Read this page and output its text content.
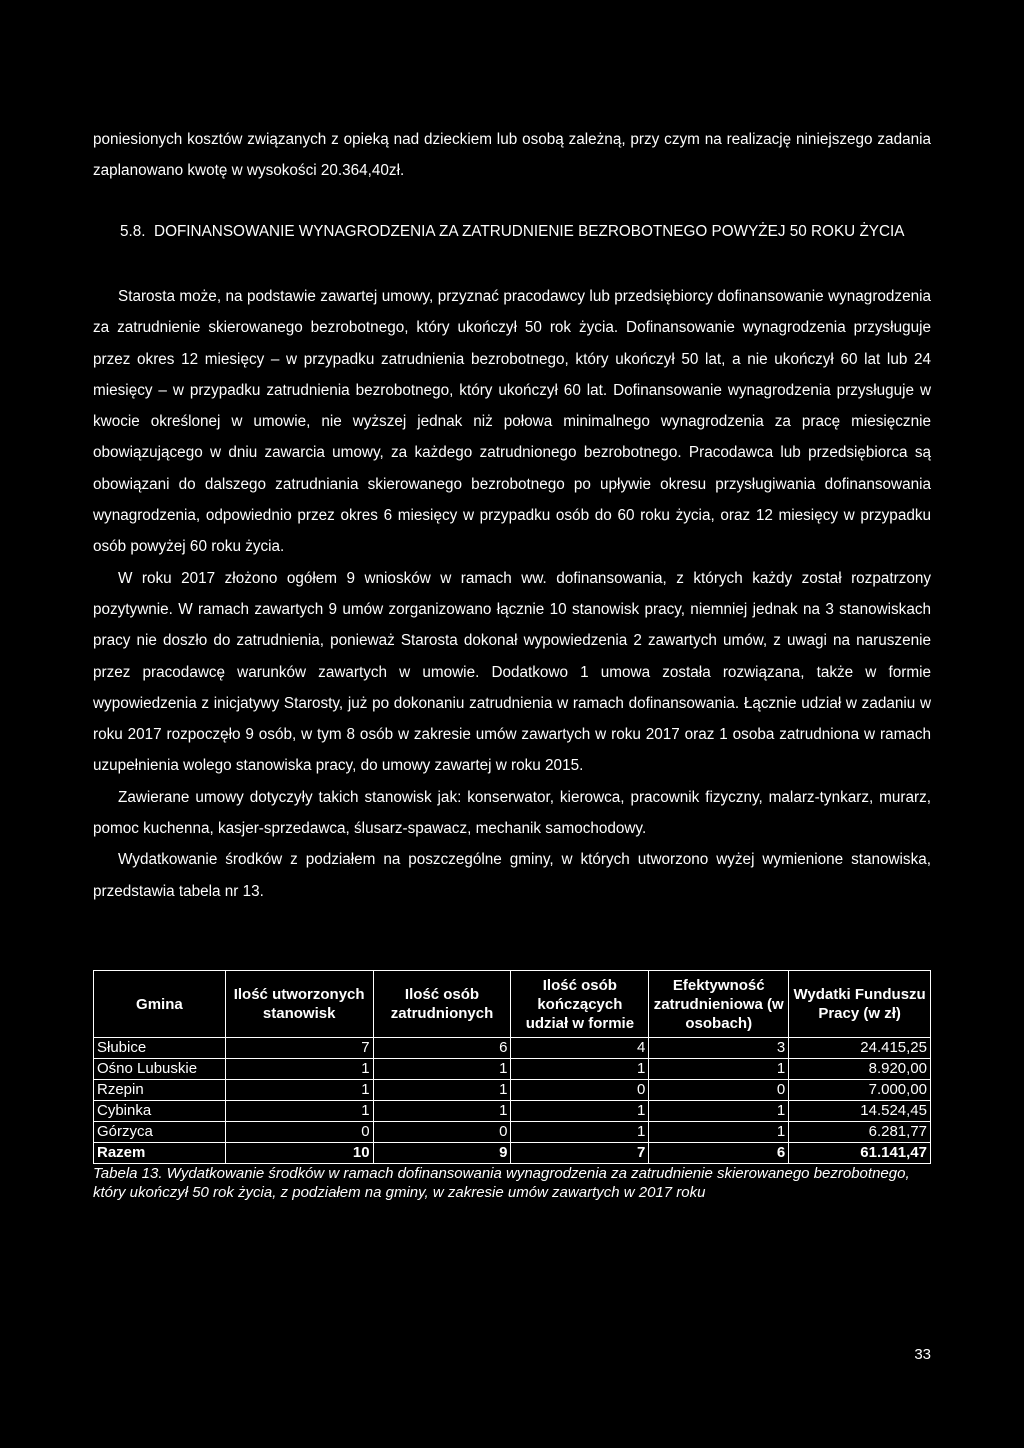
poniesionych kosztów związanych z opieką nad dzieckiem lub osobą zależną, przy czym na realizację niniejszego zadania zaplanowano kwotę w wysokości 20.364,40zł.

5.8. DOFINANSOWANIE WYNAGRODZENIA ZA ZATRUDNIENIE BEZROBOTNEGO POWYŻEJ 50 ROKU ŻYCIA

Starosta może, na podstawie zawartej umowy, przyznać pracodawcy lub przedsiębiorcy dofinansowanie wynagrodzenia za zatrudnienie skierowanego bezrobotnego, który ukończył 50 rok życia. Dofinansowanie wynagrodzenia przysługuje przez okres 12 miesięcy – w przypadku zatrudnienia bezrobotnego, który ukończył 50 lat, a nie ukończył 60 lat lub 24 miesięcy – w przypadku zatrudnienia bezrobotnego, który ukończył 60 lat. Dofinansowanie wynagrodzenia przysługuje w kwocie określonej w umowie, nie wyższej jednak niż połowa minimalnego wynagrodzenia za pracę miesięcznie obowiązującego w dniu zawarcia umowy, za każdego zatrudnionego bezrobotnego. Pracodawca lub przedsiębiorca są obowiązani do dalszego zatrudniania skierowanego bezrobotnego po upływie okresu przysługiwania dofinansowania wynagrodzenia, odpowiednio przez okres 6 miesięcy w przypadku osób do 60 roku życia, oraz 12 miesięcy w przypadku osób powyżej 60 roku życia.

W roku 2017 złożono ogółem 9 wniosków w ramach ww. dofinansowania, z których każdy został rozpatrzony pozytywnie. W ramach zawartych 9 umów zorganizowano łącznie 10 stanowisk pracy, niemniej jednak na 3 stanowiskach pracy nie doszło do zatrudnienia, ponieważ Starosta dokonał wypowiedzenia 2 zawartych umów, z uwagi na naruszenie przez pracodawcę warunków zawartych w umowie. Dodatkowo 1 umowa została rozwiązana, także w formie wypowiedzenia z inicjatywy Starosty, już po dokonaniu zatrudnienia w ramach dofinansowania. Łącznie udział w zadaniu w roku 2017 rozpoczęło 9 osób, w tym 8 osób w zakresie umów zawartych w roku 2017 oraz 1 osoba zatrudniona w ramach uzupełnienia wolego stanowiska pracy, do umowy zawartej w roku 2015.

Zawierane umowy dotyczyły takich stanowisk jak: konserwator, kierowca, pracownik fizyczny, malarz-tynkarz, murarz, pomoc kuchenna, kasjer-sprzedawca, ślusarz-spawacz, mechanik samochodowy.

Wydatkowanie środków z podziałem na poszczególne gminy, w których utworzono wyżej wymienione stanowiska, przedstawia tabela nr 13.

Gmina	Ilość utworzonych stanowisk	Ilość osób zatrudnionych	Ilość osób kończących udział w formie	Efektywność zatrudnieniowa (w osobach)	Wydatki Funduszu Pracy (w zł)
Słubice	7	6	4	3	24.415,25
Ośno Lubuskie	1	1	1	1	8.920,00
Rzepin	1	1	0	0	7.000,00
Cybinka	1	1	1	1	14.524,45
Górzyca	0	0	1	1	6.281,77
Razem	10	9	7	6	61.141,47
Tabela 13. Wydatkowanie środków w ramach dofinansowania wynagrodzenia za zatrudnienie skierowanego bezrobotnego, który ukończył 50 rok życia, z podziałem na gminy, w zakresie umów zawartych w 2017 roku
33
